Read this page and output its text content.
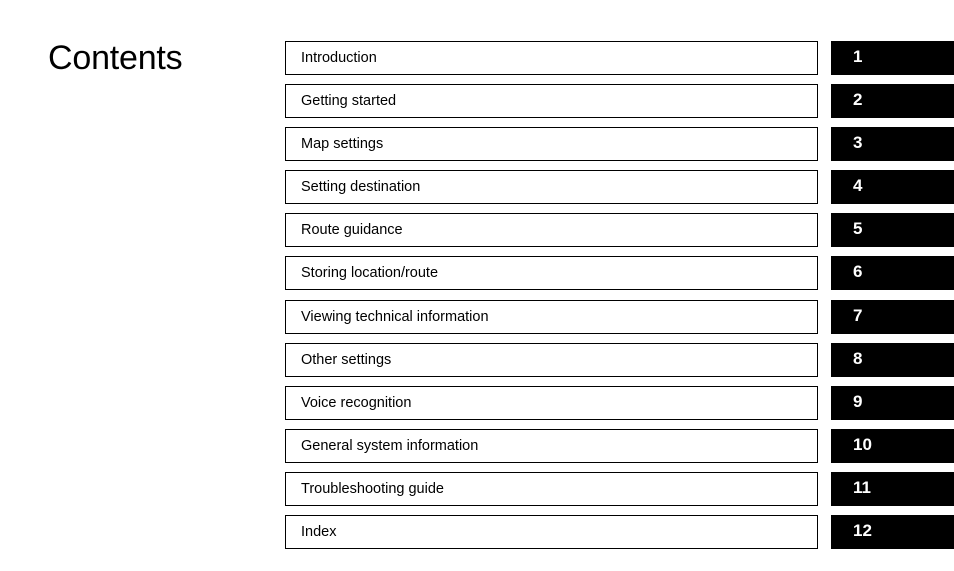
Contents	Introduction	1
Getting started	2
Map settings	3
Setting destination	4
Route guidance	5
Storing location/route	6
Viewing technical information	7
Other settings	8
Voice recognition	9
General system information	10
Troubleshooting guide	11
Index	12
